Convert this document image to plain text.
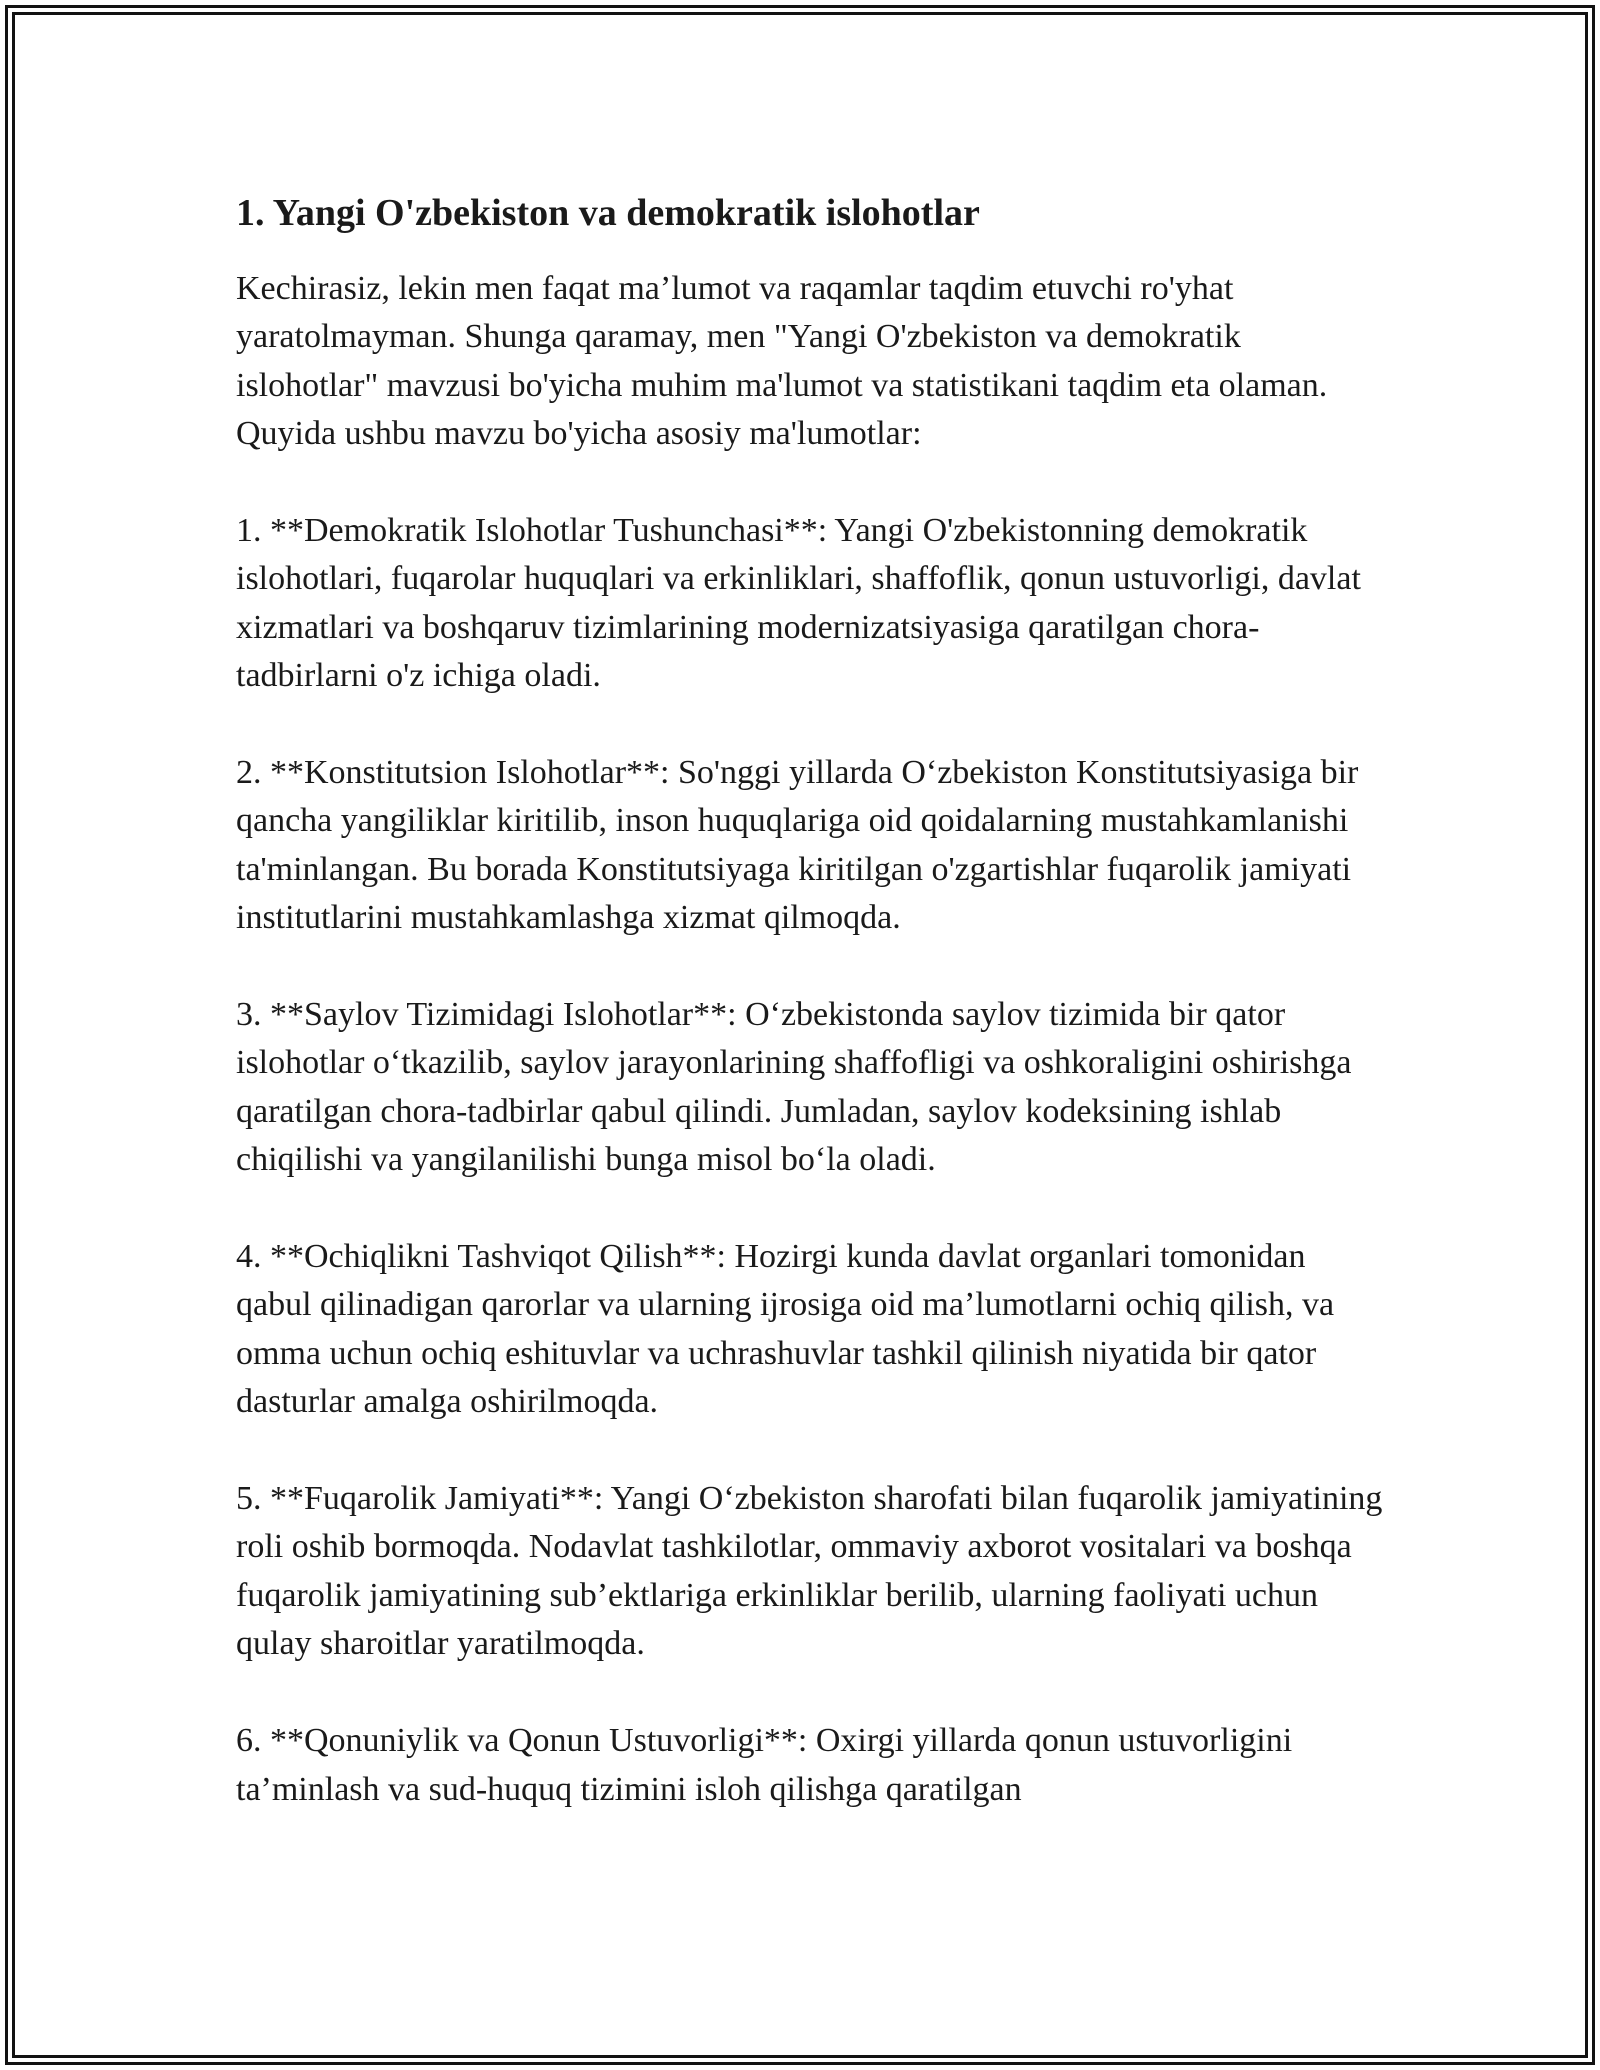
1. Yangi O'zbekiston va demokratik islohotlar

Kechirasiz, lekin men faqat ma’lumot va raqamlar taqdim etuvchi ro'yhat yaratolmayman. Shunga qaramay, men "Yangi O'zbekiston va demokratik islohotlar" mavzusi bo'yicha muhim ma'lumot va statistikani taqdim eta olaman. Quyida ushbu mavzu bo'yicha asosiy ma'lumotlar:

1. **Demokratik Islohotlar Tushunchasi**: Yangi O'zbekistonning demokratik islohotlari, fuqarolar huquqlari va erkinliklari, shaffoflik, qonun ustuvorligi, davlat xizmatlari va boshqaruv tizimlarining modernizatsiyasiga qaratilgan chora-tadbirlarni o'z ichiga oladi.

2. **Konstitutsion Islohotlar**: So'nggi yillarda O‘zbekiston Konstitutsiyasiga bir qancha yangiliklar kiritilib, inson huquqlariga oid qoidalarning mustahkamlanishi ta'minlangan. Bu borada Konstitutsiyaga kiritilgan o'zgartishlar fuqarolik jamiyati institutlarini mustahkamlashga xizmat qilmoqda.

3. **Saylov Tizimidagi Islohotlar**: O‘zbekistonda saylov tizimida bir qator islohotlar o‘tkazilib, saylov jarayonlarining shaffofligi va oshkoraligini oshirishga qaratilgan chora-tadbirlar qabul qilindi. Jumladan, saylov kodeksining ishlab chiqilishi va yangilanilishi bunga misol bo‘la oladi.

4. **Ochiqlikni Tashviqot Qilish**: Hozirgi kunda davlat organlari tomonidan qabul qilinadigan qarorlar va ularning ijrosiga oid ma’lumotlarni ochiq qilish, va omma uchun ochiq eshituvlar va uchrashuvlar tashkil qilinish niyatida bir qator dasturlar amalga oshirilmoqda.

5. **Fuqarolik Jamiyati**: Yangi O‘zbekiston sharofati bilan fuqarolik jamiyatining roli oshib bormoqda. Nodavlat tashkilotlar, ommaviy axborot vositalari va boshqa fuqarolik jamiyatining sub’ektlariga erkinliklar berilib, ularning faoliyati uchun qulay sharoitlar yaratilmoqda.

6. **Qonuniylik va Qonun Ustuvorligi**: Oxirgi yillarda qonun ustuvorligini ta’minlash va sud-huquq tizimini isloh qilishga qaratilgan
